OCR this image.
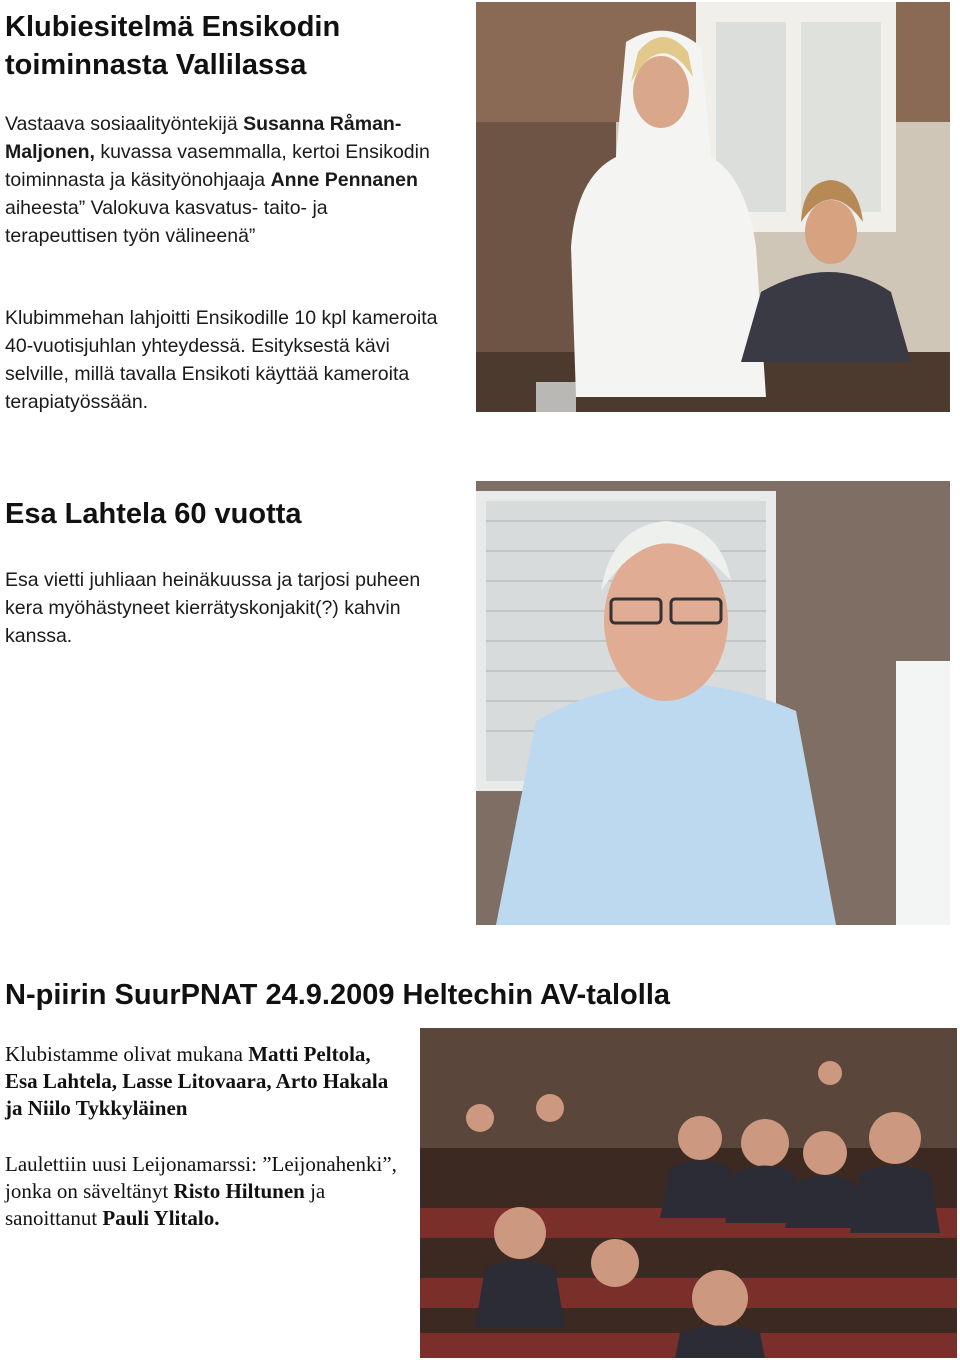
Klubiesitelmä Ensikodin
toiminnasta Vallilassa

Vastaava sosiaalityöntekijä Susanna Råman-Maljonen, kuvassa vasemmalla, kertoi Ensikodin toiminnasta ja käsityönohjaaja Anne Pennanen aiheesta” Valokuva kasvatus- taito- ja terapeuttisen työn välineenä”

Klubimmehan lahjoitti Ensikodille 10 kpl kameroita 40-vuotisjuhlan yhteydessä. Esityksestä kävi selville, millä tavalla Ensikoti käyttää kameroita terapiatyössään.

Esa Lahtela 60 vuotta

Esa vietti juhliaan heinäkuussa ja tarjosi puheen kera myöhästyneet kierrätyskonjakit(?) kahvin kanssa.

N-piirin SuurPNAT 24.9.2009 Heltechin AV-talolla

Klubistamme olivat mukana Matti Peltola, Esa Lahtela, Lasse Litovaara, Arto Hakala ja Niilo Tykkyläinen

Laulettiin uusi Leijonamarssi: ”Leijonahenki”, jonka on säveltänyt Risto Hiltunen ja sanoittanut Pauli Ylitalo.
